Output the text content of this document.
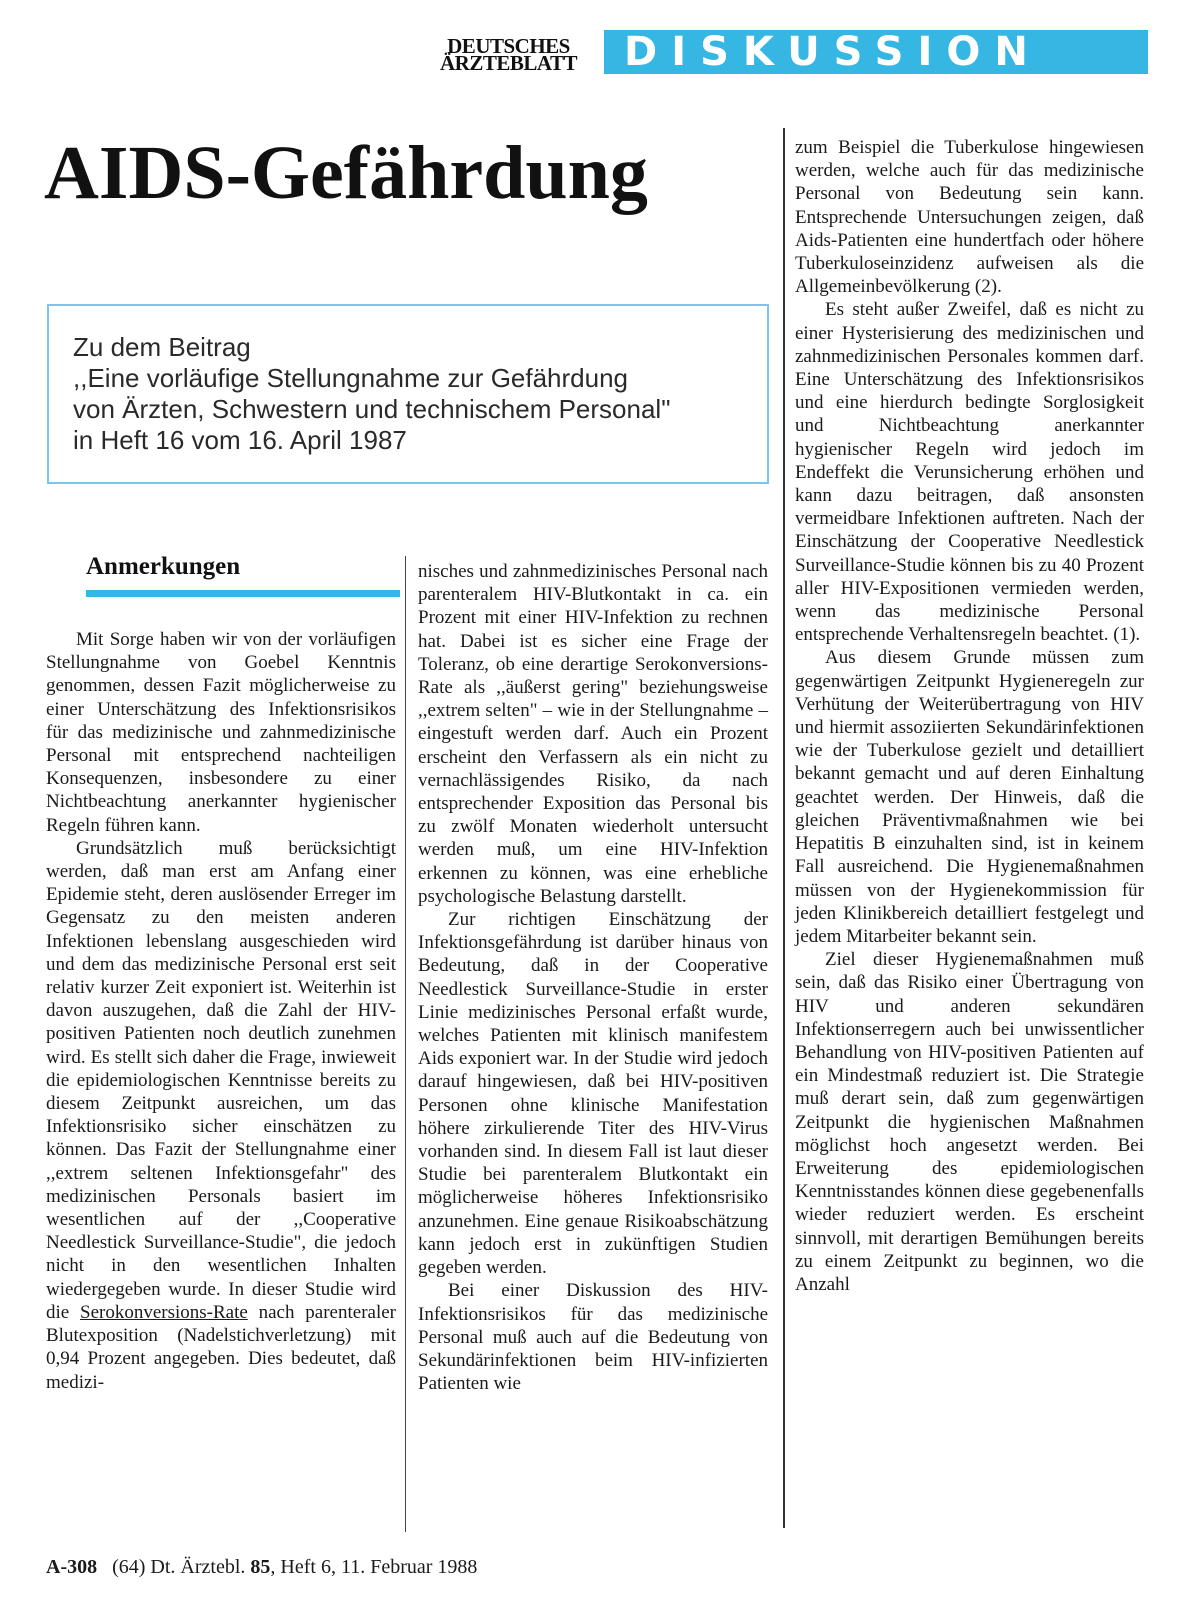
DEUTSCHES
ÄRZTEBLATT	DISKUSSION
AIDS-Gefährdung
Zu dem Beitrag
,,Eine vorläufige Stellungnahme zur Gefährdung
von Ärzten, Schwestern und technischem Personal"
in Heft 16 vom 16. April 1987
Anmerkungen

Mit Sorge haben wir von der vorläufigen Stellungnahme von Goebel Kenntnis genommen, dessen Fazit möglicherweise zu einer Unterschätzung des Infektionsrisikos für das medizinische und zahnmedizinische Personal mit entsprechend nachteiligen Konsequenzen, insbesondere zu einer Nichtbeachtung anerkannter hygienischer Regeln führen kann.

Grundsätzlich muß berücksichtigt werden, daß man erst am Anfang einer Epidemie steht, deren auslösender Erreger im Gegensatz zu den meisten anderen Infektionen lebenslang ausgeschieden wird und dem das medizinische Personal erst seit relativ kurzer Zeit exponiert ist. Weiterhin ist davon auszugehen, daß die Zahl der HIV-positiven Patienten noch deutlich zunehmen wird. Es stellt sich daher die Frage, inwieweit die epidemiologischen Kenntnisse bereits zu diesem Zeitpunkt ausreichen, um das Infektionsrisiko sicher einschätzen zu können. Das Fazit der Stellungnahme einer ,,extrem seltenen Infektionsgefahr" des medizinischen Personals basiert im wesentlichen auf der ,,Cooperative Needlestick Surveillance-Studie", die jedoch nicht in den wesentlichen Inhalten wiedergegeben wurde. In dieser Studie wird die Serokonversions-Rate nach parenteraler Blutexposition (Nadelstichverletzung) mit 0,94 Prozent angegeben. Dies bedeutet, daß medizi-

nisches und zahnmedizinisches Personal nach parenteralem HIV-Blutkontakt in ca. ein Prozent mit einer HIV-Infektion zu rechnen hat. Dabei ist es sicher eine Frage der Toleranz, ob eine derartige Serokonversions-Rate als ,,äußerst gering" beziehungsweise ,,extrem selten" – wie in der Stellungnahme – eingestuft werden darf. Auch ein Prozent erscheint den Verfassern als ein nicht zu vernachlässigendes Risiko, da nach entsprechender Exposition das Personal bis zu zwölf Monaten wiederholt untersucht werden muß, um eine HIV-Infektion erkennen zu können, was eine erhebliche psychologische Belastung darstellt.

Zur richtigen Einschätzung der Infektionsgefährdung ist darüber hinaus von Bedeutung, daß in der Cooperative Needlestick Surveillance-Studie in erster Linie medizinisches Personal erfaßt wurde, welches Patienten mit klinisch manifestem Aids exponiert war. In der Studie wird jedoch darauf hingewiesen, daß bei HIV-positiven Personen ohne klinische Manifestation höhere zirkulierende Titer des HIV-Virus vorhanden sind. In diesem Fall ist laut dieser Studie bei parenteralem Blutkontakt ein möglicherweise höheres Infektionsrisiko anzunehmen. Eine genaue Risikoabschätzung kann jedoch erst in zukünftigen Studien gegeben werden.

Bei einer Diskussion des HIV-Infektionsrisikos für das medizinische Personal muß auch auf die Bedeutung von Sekundärinfektionen beim HIV-infizierten Patienten wie

zum Beispiel die Tuberkulose hingewiesen werden, welche auch für das medizinische Personal von Bedeutung sein kann. Entsprechende Untersuchungen zeigen, daß Aids-Patienten eine hundertfach oder höhere Tuberkuloseinzidenz aufweisen als die Allgemeinbevölkerung (2).

Es steht außer Zweifel, daß es nicht zu einer Hysterisierung des medizinischen und zahnmedizinischen Personales kommen darf. Eine Unterschätzung des Infektionsrisikos und eine hierdurch bedingte Sorglosigkeit und Nichtbeachtung anerkannter hygienischer Regeln wird jedoch im Endeffekt die Verunsicherung erhöhen und kann dazu beitragen, daß ansonsten vermeidbare Infektionen auftreten. Nach der Einschätzung der Cooperative Needlestick Surveillance-Studie können bis zu 40 Prozent aller HIV-Expositionen vermieden werden, wenn das medizinische Personal entsprechende Verhaltensregeln beachtet. (1).

Aus diesem Grunde müssen zum gegenwärtigen Zeitpunkt Hygieneregeln zur Verhütung der Weiterübertragung von HIV und hiermit assoziierten Sekundärinfektionen wie der Tuberkulose gezielt und detailliert bekannt gemacht und auf deren Einhaltung geachtet werden. Der Hinweis, daß die gleichen Präventivmaßnahmen wie bei Hepatitis B einzuhalten sind, ist in keinem Fall ausreichend. Die Hygienemaßnahmen müssen von der Hygienekommission für jeden Klinikbereich detailliert festgelegt und jedem Mitarbeiter bekannt sein.

Ziel dieser Hygienemaßnahmen muß sein, daß das Risiko einer Übertragung von HIV und anderen sekundären Infektionserregern auch bei unwissentlicher Behandlung von HIV-positiven Patienten auf ein Mindestmaß reduziert ist. Die Strategie muß derart sein, daß zum gegenwärtigen Zeitpunkt die hygienischen Maßnahmen möglichst hoch angesetzt werden. Bei Erweiterung des epidemiologischen Kenntnisstandes können diese gegebenenfalls wieder reduziert werden. Es erscheint sinnvoll, mit derartigen Bemühungen bereits zu einem Zeitpunkt zu beginnen, wo die Anzahl

A-308 (64) Dt. Ärztebl. 85, Heft 6, 11. Februar 1988
